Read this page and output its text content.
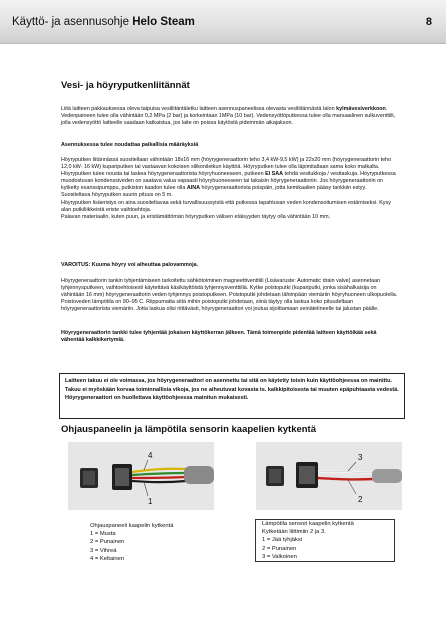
Käyttö- ja asennusohje Helo Steam	8
Vesi- ja höyryputkenliitännät
Liitä laitteen pakkauksessa oleva taipuisa vesiliitäntäletku laitteen asennuspaneelissa olevasta vesiliitännästä talon kylmävesiverkkoon. Vedenpaineen tulee olla vähintään 0,2 MPa (2 bar) ja korkeintaan 1MPa (10 bar). Vedensyöttöputkessa tulee olla manuaalinen sulkuventtiili, jolla vedensyöttö laitteelle saadaan katkaistua, jos laite on poissa käytöstä pidemmän aikajakson.
Asennuksessa tulee noudattaa paikallisia määräyksiä
Höyryputken liitännässä suositellaan vähintään 18x16 mm (höyrygeneraattorin teho 3,4 kW-9,5 kW) ja 22x20 mm (höyrygeneraattorin teho 12,0 kW- 16 kW) kupariputken tai vastaavan kokoisen silikoniletkun käyttöä. Höyryputken tulee olla läpimitaltaan sama koko matkalta.
Höyryputken tulee nousta tai laskea höyrygeneraattorista höyryhuoneeseen, putkeen EI SAA tehdä vesilukkoja / vesitaskuja. Höyryputkessa muodostuvan kondenssiveden on saatava valua vapaasti höyryhuoneeseen tai takaisin höyrygeneraattoriin. Jos höyrygeneraattoriin on kytketty esanssipumppu, putkiston kaadon tulee olla AINA höyrygeneraattorista poispäin, jotta kemikaalien pääsy tankkiin estyy.
Suositeltava höyryputken suurin pituus on 5 m.
Höyryputken lisäeristys on aina suositeltavaa sekä turvallisuussyistä että putkessa tapahtuvan veden kondensoitumisen estämiseksi. Kysy alan putkiliikkeistä eriste vaihtoehtoja.
Palavan materiaalin, kuten puun, ja eristämättömän höyryputken välisen etäisyyden täytyy olla vähintään 10 mm.
VAROITUS: Kuuma höyry voi aiheuttaa palovammoja.
Höyrygeneraattorin tankin tyhjentämiseen tarkoitettu sähkötoiminen magneettiventtiili (Lisävaruste: Automatic drain valve) asennetaan tyhjennysputkeen, vaihtoehtoisesti käytettävä käsikäyttöistä tyhjennysventtiiliä. Kytke poistoputki (kupariputki, jonka sisähalkaisija on vähintään 16 mm) höyrygeneraattorin veden tyhjennys poistoputkeen. Poistoputki johdetaan lähimpään viemäriin höyryhuoneen ulkopuolella. Poistoveden lämpötila on 90–95 C. Riippumatta siitä mihin poistoputki johdetaan, siinä täytyy olla laskua koko pituudeltaan höyrygeneraattorista viemäriin. Jotta laskua olisi riittävästi, höyrygeneraattori voi joutua sijoittamaan seinätelineelle tai jalustan päälle.
Höyrygeneraattorin tankki tulee tyhjentää jokaisen käyttökerran jälkeen. Tämä toimenpide pidentää laitteen käyttöikää sekä vähentää kalkkikertymiä.
Laitteen takuu ei ole voimassa, jos höyrygeneraattori on asennettu tai sitä on käytetty toisin kuin käyttöohjeessa on mainittu.
Takuu ei myöskään korvaa toiminnallisia vikoja, jos ne aiheutuvat kovasta ts. kalkkipitoisesta tai muuten epäpuhtaasta vedestä.
Höyrygeneraattori on huollettava käyttöohjeessa mainitun mukaisesti.
Ohjauspaneelin ja lämpötila sensorin kaapelien kytkentä
4
1
3
2
Ohjauspaneeli kaapelin kytkentä
1 = Musta
2 = Punainen
3 = Vihreä
4 = Keltainen
Lämpötila sensori kaapelin kytkentä
Kytketään liittimiin 2 ja 3.
1 = Jää tyhjäksi
2 = Punainen
3 = Valkoinen
